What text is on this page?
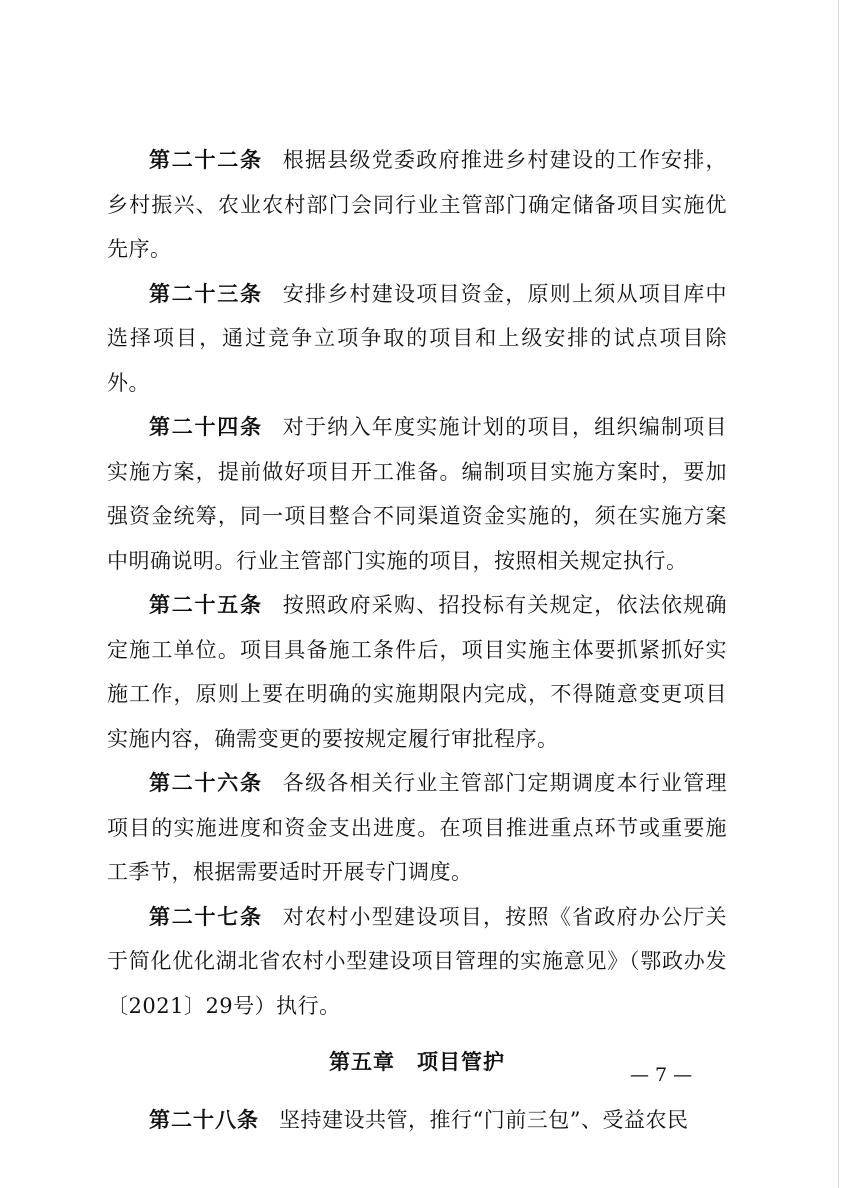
第二十二条 根据县级党委政府推进乡村建设的工作安排，乡村振兴、农业农村部门会同行业主管部门确定储备项目实施优先序。

第二十三条 安排乡村建设项目资金，原则上须从项目库中选择项目，通过竞争立项争取的项目和上级安排的试点项目除外。

第二十四条 对于纳入年度实施计划的项目，组织编制项目实施方案，提前做好项目开工准备。编制项目实施方案时，要加强资金统筹，同一项目整合不同渠道资金实施的，须在实施方案中明确说明。行业主管部门实施的项目，按照相关规定执行。

第二十五条 按照政府采购、招投标有关规定，依法依规确定施工单位。项目具备施工条件后，项目实施主体要抓紧抓好实施工作，原则上要在明确的实施期限内完成，不得随意变更项目实施内容，确需变更的要按规定履行审批程序。

第二十六条 各级各相关行业主管部门定期调度本行业管理项目的实施进度和资金支出进度。在项目推进重点环节或重要施工季节，根据需要适时开展专门调度。

第二十七条 对农村小型建设项目，按照《省政府办公厅关于简化优化湖北省农村小型建设项目管理的实施意见》（鄂政办发〔2021〕29号）执行。

第五章 项目管护

第二十八条 坚持建设共管，推行“门前三包”、受益农民

— 7 —
